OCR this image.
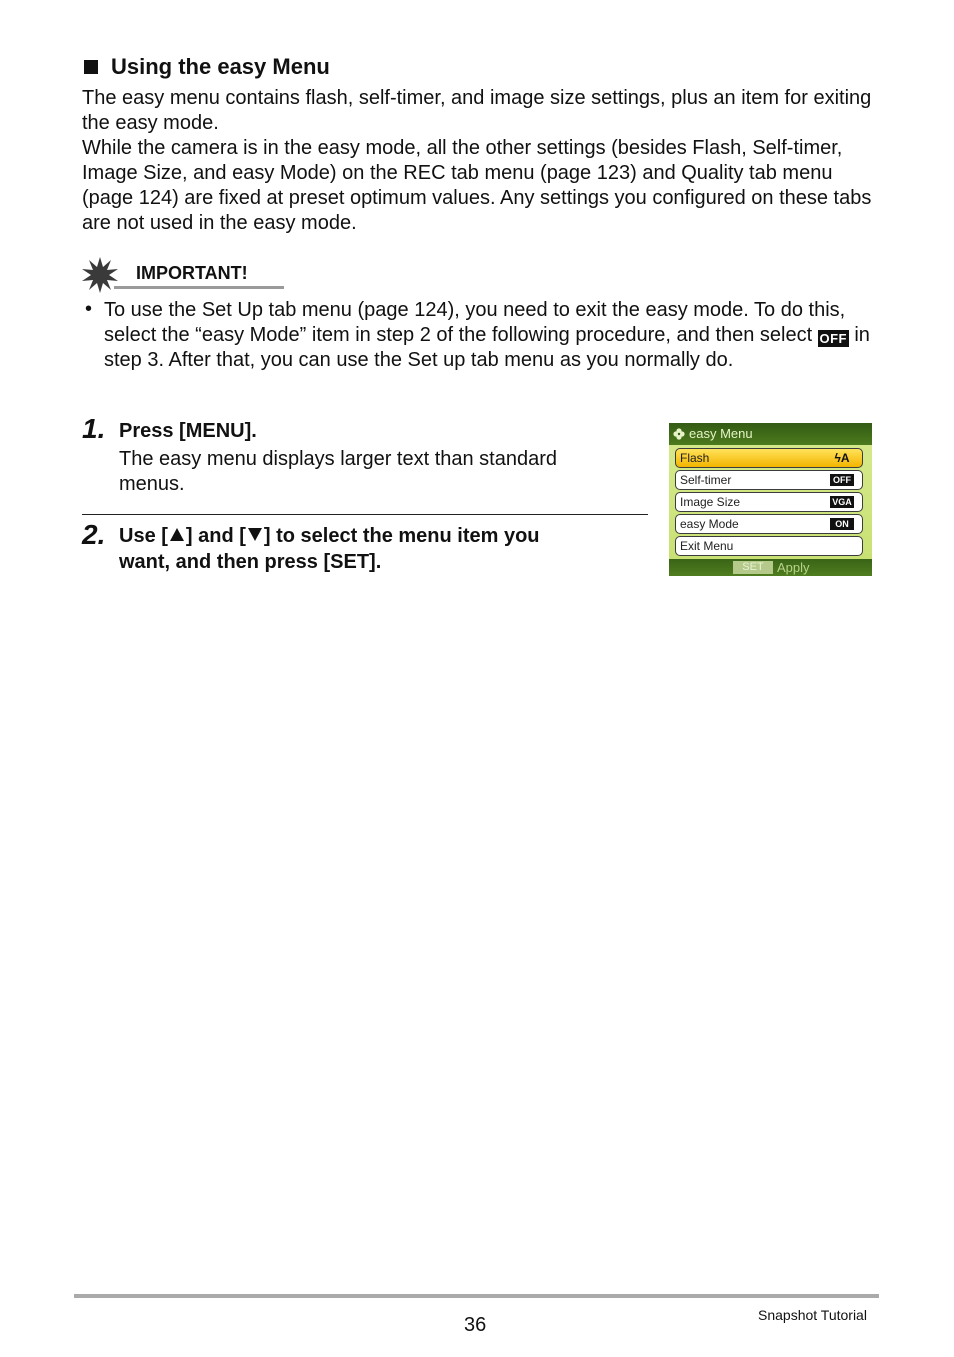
Using the easy Menu

The easy menu contains flash, self-timer, and image size settings, plus an item for exiting the easy mode.

While the camera is in the easy mode, all the other settings (besides Flash, Self-timer, Image Size, and easy Mode) on the REC tab menu (page 123) and Quality tab menu (page 124) are fixed at preset optimum values. Any settings you configured on these tabs are not used in the easy mode.

IMPORTANT!
• To use the Set Up tab menu (page 124), you need to exit the easy mode. To do this, select the “easy Mode” item in step 2 of the following procedure, and then select OFF in step 3. After that, you can use the Set up tab menu as you normally do.

1. Press [MENU].
The easy menu displays larger text than standard menus.
2. Use [ ] and [ ] to select the menu item you
want, and then press [SET].
easy Menu
Flash	ϟA
Self-timer	OFF
Image Size	VGA
easy Mode	ON
Exit Menu
SET	Apply
36	Snapshot Tutorial
